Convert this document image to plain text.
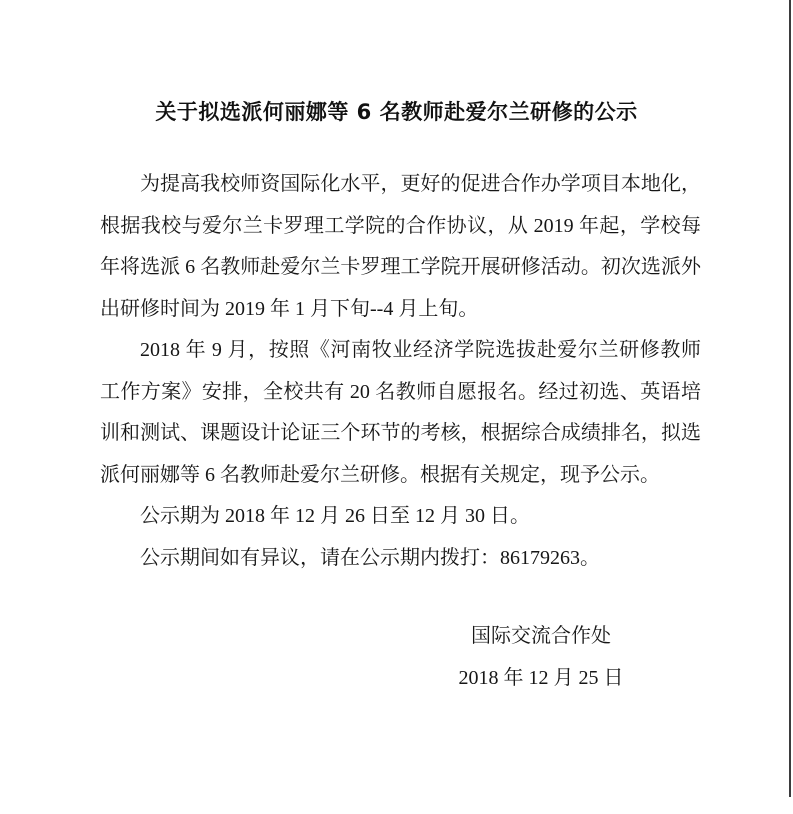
关于拟选派何丽娜等 6 名教师赴爱尔兰研修的公示
为提高我校师资国际化水平，更好的促进合作办学项目本地化，
根据我校与爱尔兰卡罗理工学院的合作协议，从 2019 年起，学校每
年将选派 6 名教师赴爱尔兰卡罗理工学院开展研修活动。初次选派外
出研修时间为 2019 年 1 月下旬--4 月上旬。
2018 年 9 月，按照《河南牧业经济学院选拔赴爱尔兰研修教师
工作方案》安排，全校共有 20 名教师自愿报名。经过初选、英语培
训和测试、课题设计论证三个环节的考核，根据综合成绩排名，拟选
派何丽娜等 6 名教师赴爱尔兰研修。根据有关规定，现予公示。
公示期为 2018 年 12 月 26 日至 12 月 30 日。
公示期间如有异议，请在公示期内拨打：86179263。
国际交流合作处
2018 年 12 月 25 日
